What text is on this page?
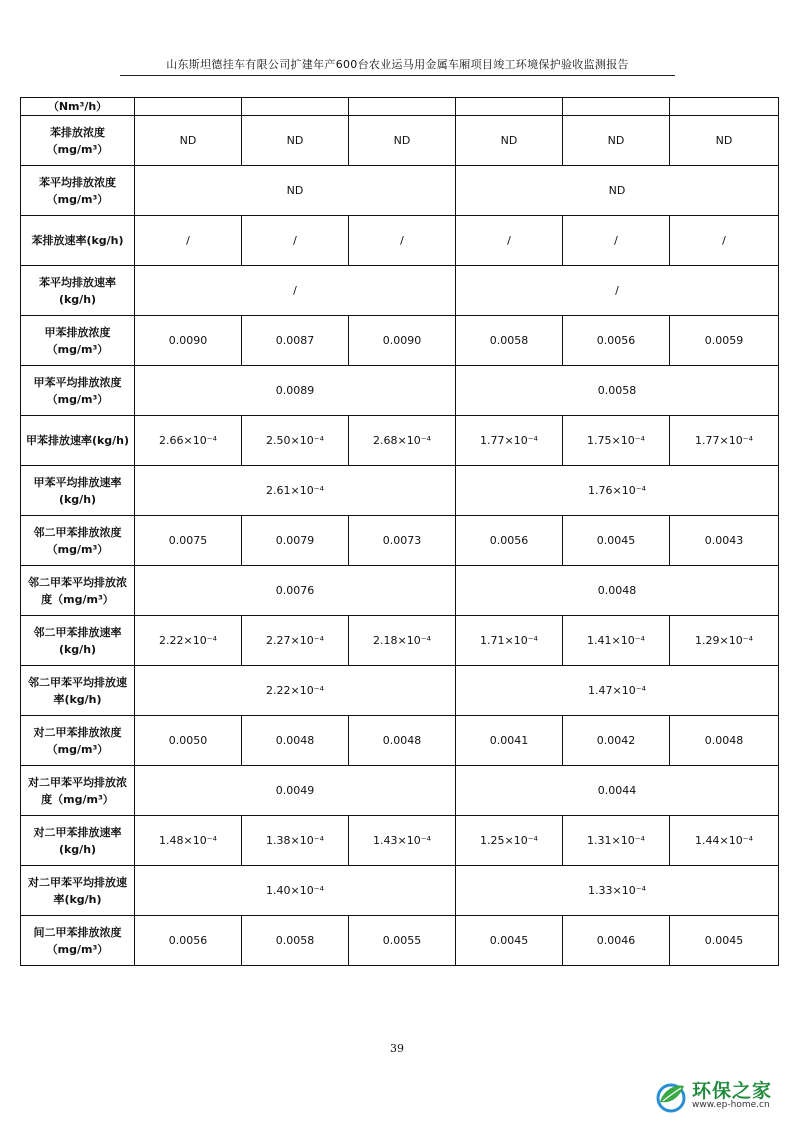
山东斯坦德挂车有限公司扩建年产600台农业运马用金属车厢项目竣工环境保护验收监测报告
（Nm³/h）						
苯排放浓度（mg/m³）	ND	ND	ND	ND	ND	ND
苯平均排放浓度（mg/m³）	ND			ND		
苯排放速率(kg/h)	/	/	/	/	/	/
苯平均排放速率(kg/h)	/			/		
甲苯排放浓度（mg/m³）	0.0090	0.0087	0.0090	0.0058	0.0056	0.0059
甲苯平均排放浓度（mg/m³）	0.0089			0.0058		
甲苯排放速率(kg/h)	2.66×10⁻⁴	2.50×10⁻⁴	2.68×10⁻⁴	1.77×10⁻⁴	1.75×10⁻⁴	1.77×10⁻⁴
甲苯平均排放速率(kg/h)	2.61×10⁻⁴			1.76×10⁻⁴		
邻二甲苯排放浓度（mg/m³）	0.0075	0.0079	0.0073	0.0056	0.0045	0.0043
邻二甲苯平均排放浓度（mg/m³）	0.0076			0.0048		
邻二甲苯排放速率(kg/h)	2.22×10⁻⁴	2.27×10⁻⁴	2.18×10⁻⁴	1.71×10⁻⁴	1.41×10⁻⁴	1.29×10⁻⁴
邻二甲苯平均排放速率(kg/h)	2.22×10⁻⁴			1.47×10⁻⁴		
对二甲苯排放浓度（mg/m³）	0.0050	0.0048	0.0048	0.0041	0.0042	0.0048
对二甲苯平均排放浓度（mg/m³）	0.0049			0.0044		
对二甲苯排放速率(kg/h)	1.48×10⁻⁴	1.38×10⁻⁴	1.43×10⁻⁴	1.25×10⁻⁴	1.31×10⁻⁴	1.44×10⁻⁴
对二甲苯平均排放速率(kg/h)	1.40×10⁻⁴			1.33×10⁻⁴		
间二甲苯排放浓度（mg/m³）	0.0056	0.0058	0.0055	0.0045	0.0046	0.0045
39
环保之家
www.ep-home.cn
